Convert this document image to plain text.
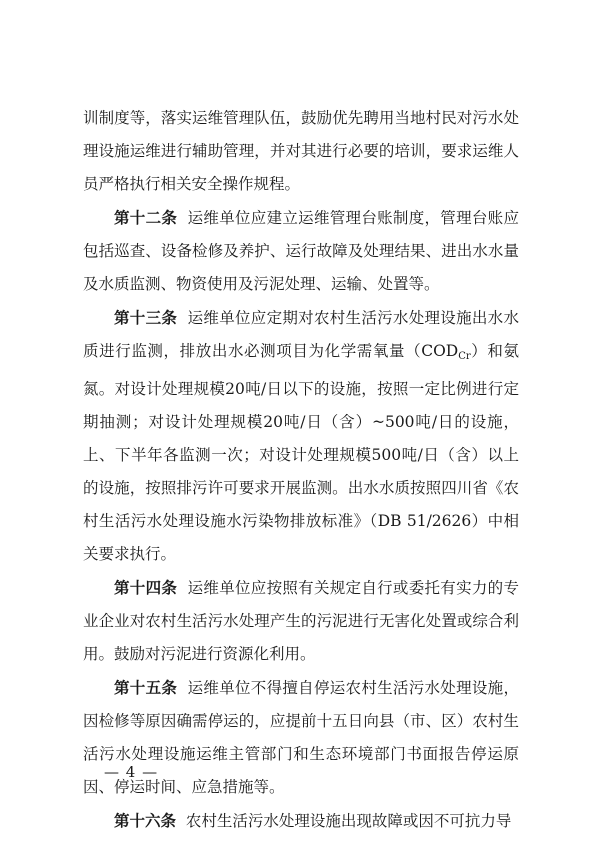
训制度等，落实运维管理队伍，鼓励优先聘用当地村民对污水处理设施运维进行辅助管理，并对其进行必要的培训，要求运维人员严格执行相关安全操作规程。

第十二条 运维单位应建立运维管理台账制度，管理台账应包括巡查、设备检修及养护、运行故障及处理结果、进出水水量及水质监测、物资使用及污泥处理、运输、处置等。

第十三条 运维单位应定期对农村生活污水处理设施出水水质进行监测，排放出水必测项目为化学需氧量$(COD_{Cr})$和氨氮。对设计处理规模20吨/日以下的设施，按照一定比例进行定期抽测；对设计处理规模20吨/日（含）~500吨/日的设施，上、下半年各监测一次；对设计处理规模500吨/日（含）以上的设施，按照排污许可要求开展监测。出水水质按照四川省《农村生活污水处理设施水污染物排放标准》（DB 51/2626）中相关要求执行。

第十四条 运维单位应按照有关规定自行或委托有实力的专业企业对农村生活污水处理产生的污泥进行无害化处置或综合利用。鼓励对污泥进行资源化利用。

第十五条 运维单位不得擅自停运农村生活污水处理设施，因检修等原因确需停运的，应提前十五日向县（市、区）农村生活污水处理设施运维主管部门和生态环境部门书面报告停运原因、停运时间、应急措施等。

第十六条 农村生活污水处理设施出现故障或因不可抗力导

— 4 —
